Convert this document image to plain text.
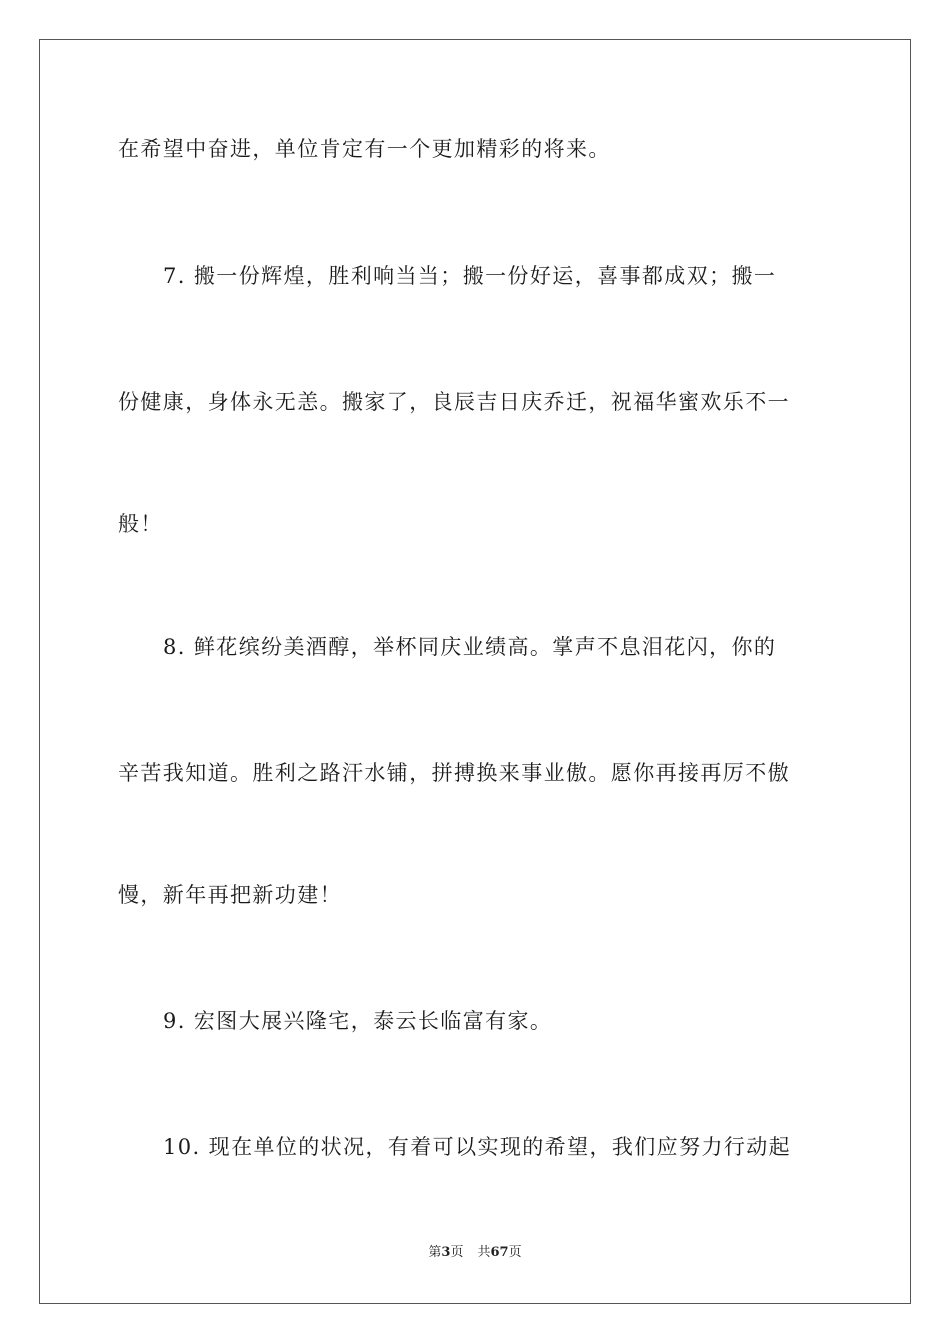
在希望中奋进，单位肯定有一个更加精彩的将来。
7. 搬一份辉煌，胜利响当当；搬一份好运，喜事都成双；搬一
份健康，身体永无恙。搬家了，良辰吉日庆乔迁，祝福华蜜欢乐不一
般！
8. 鲜花缤纷美酒醇，举杯同庆业绩高。掌声不息泪花闪，你的
辛苦我知道。胜利之路汗水铺，拼搏换来事业傲。愿你再接再厉不傲
慢，新年再把新功建！
9. 宏图大展兴隆宅，泰云长临富有家。
10. 现在单位的状况，有着可以实现的希望，我们应努力行动起
第3页 共67页
